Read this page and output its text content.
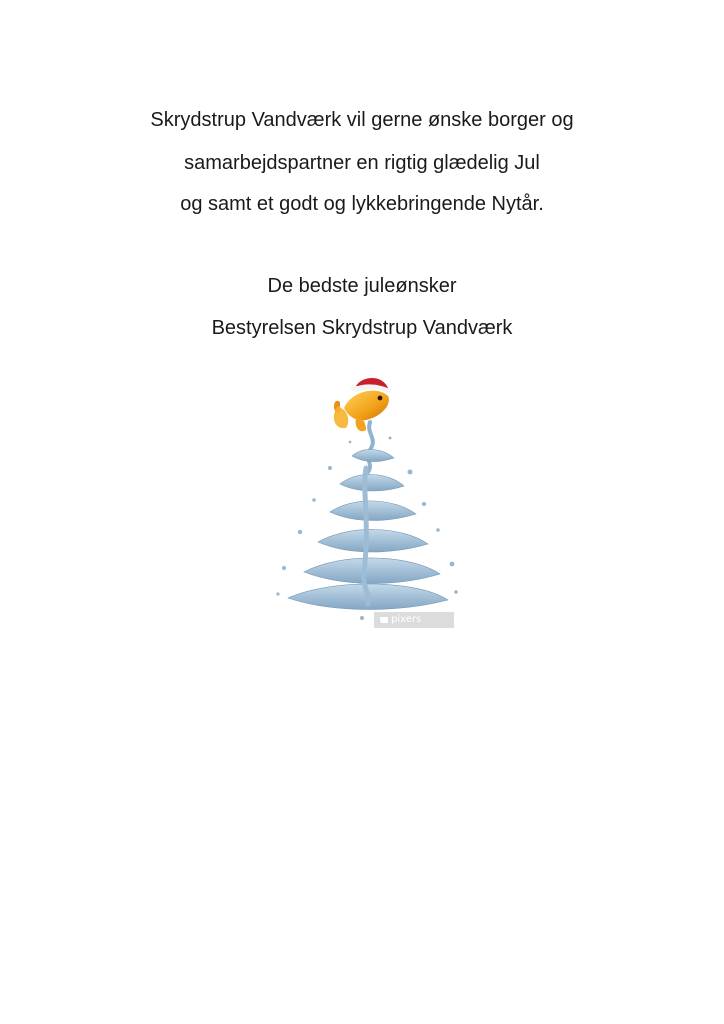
Skrydstrup Vandværk vil gerne ønske borger og

samarbejdspartner en rigtig glædelig Jul

og samt et godt og lykkebringende Nytår.

De bedste juleønsker

Bestyrelsen Skrydstrup Vandværk

pixers
